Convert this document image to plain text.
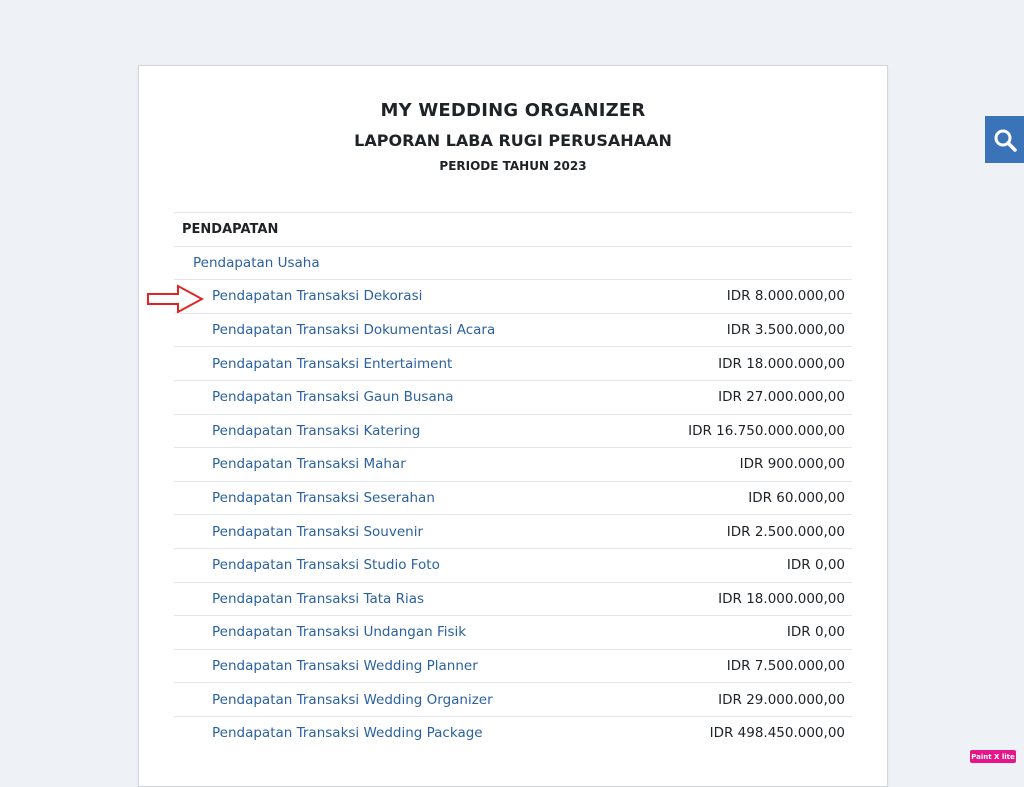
MY WEDDING ORGANIZER
LAPORAN LABA RUGI PERUSAHAAN
PERIODE TAHUN 2023
PENDAPATAN
Pendapatan Usaha
Pendapatan Transaksi Dekorasi	IDR 8.000.000,00
Pendapatan Transaksi Dokumentasi Acara	IDR 3.500.000,00
Pendapatan Transaksi Entertaiment	IDR 18.000.000,00
Pendapatan Transaksi Gaun Busana	IDR 27.000.000,00
Pendapatan Transaksi Katering	IDR 16.750.000.000,00
Pendapatan Transaksi Mahar	IDR 900.000,00
Pendapatan Transaksi Seserahan	IDR 60.000,00
Pendapatan Transaksi Souvenir	IDR 2.500.000,00
Pendapatan Transaksi Studio Foto	IDR 0,00
Pendapatan Transaksi Tata Rias	IDR 18.000.000,00
Pendapatan Transaksi Undangan Fisik	IDR 0,00
Pendapatan Transaksi Wedding Planner	IDR 7.500.000,00
Pendapatan Transaksi Wedding Organizer	IDR 29.000.000,00
Pendapatan Transaksi Wedding Package	IDR 498.450.000,00
Paint X lite
